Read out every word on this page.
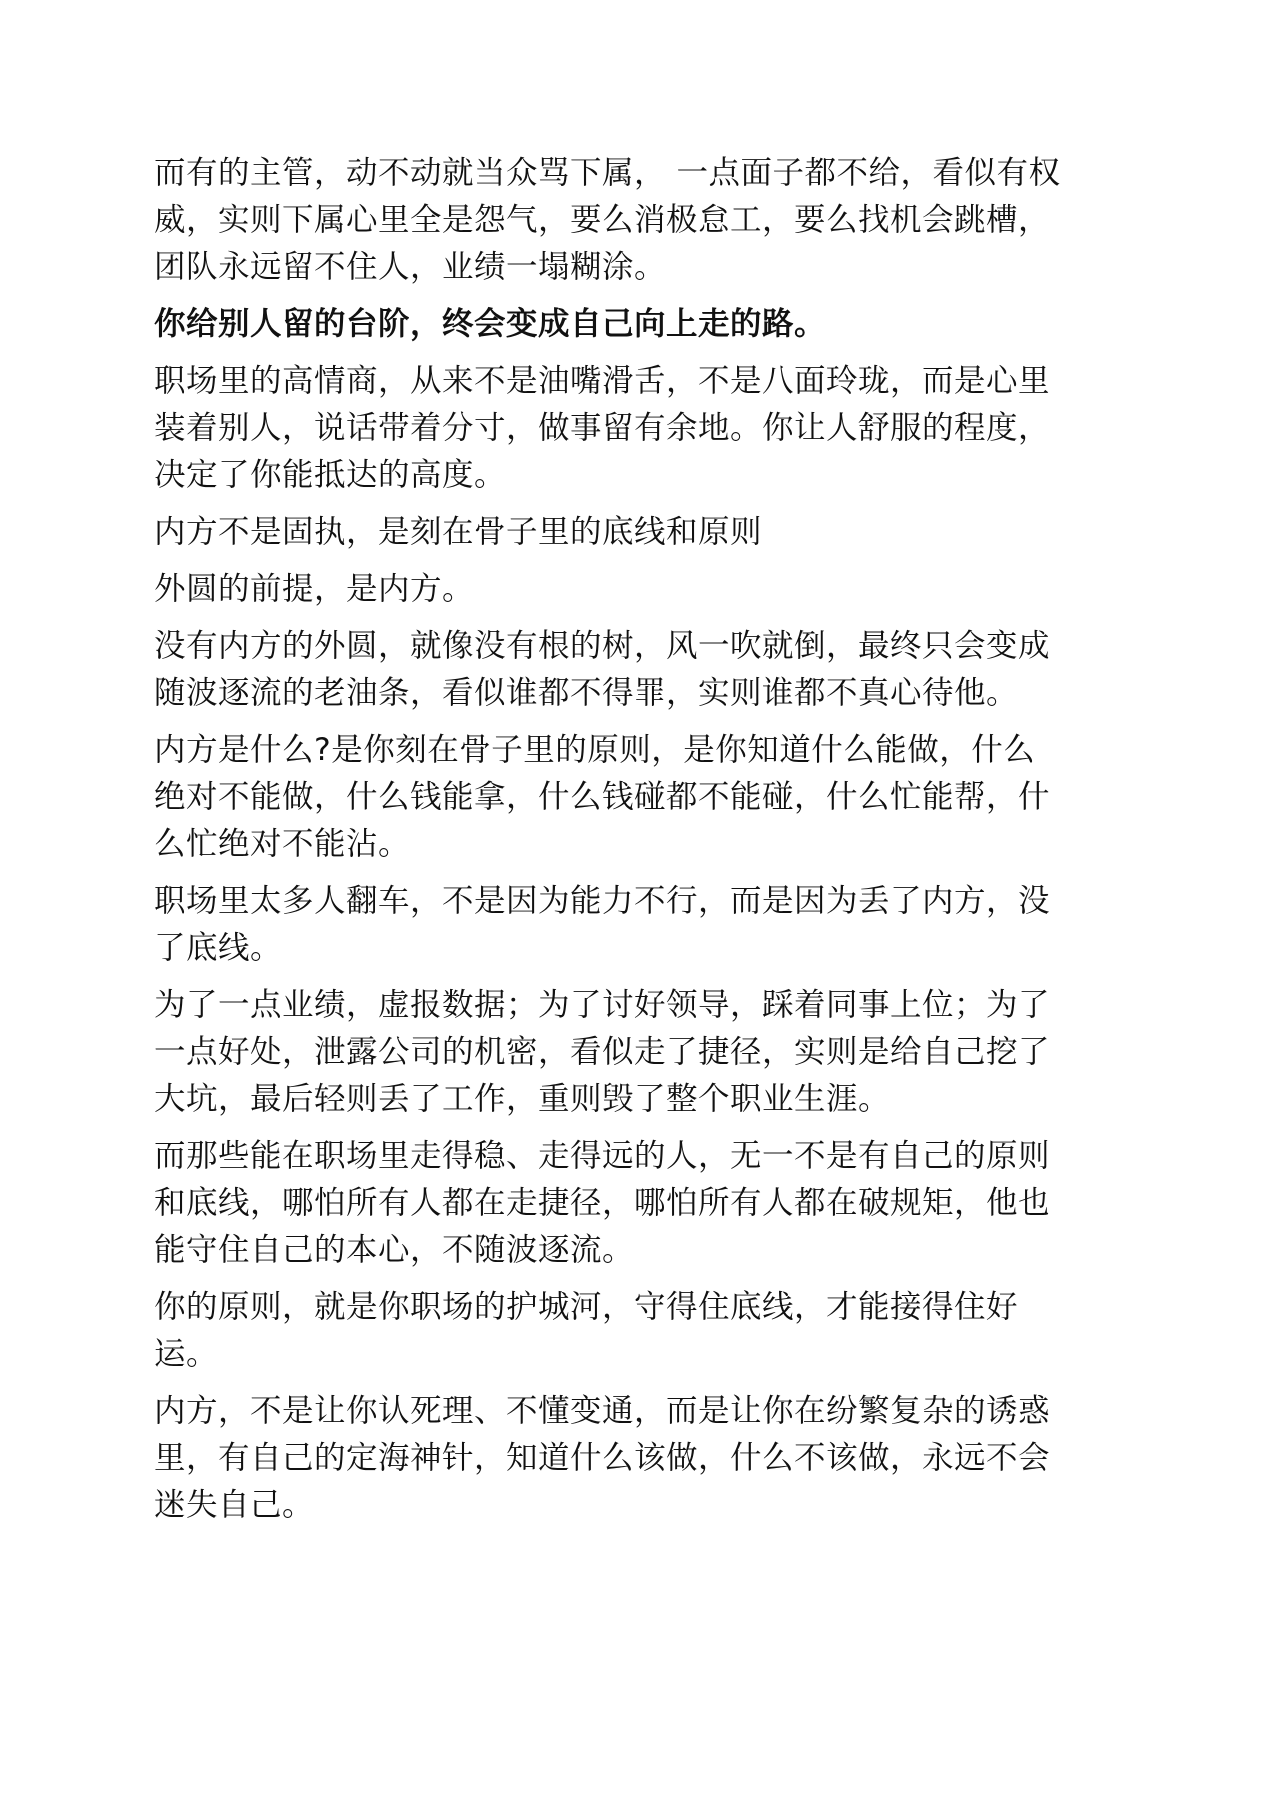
而有的主管，动不动就当众骂下属， 一点面子都不给，看似有权
威，实则下属心里全是怨气，要么消极怠工，要么找机会跳槽，
团队永远留不住人，业绩一塌糊涂。

你给别人留的台阶，终会变成自己向上走的路。

职场里的高情商，从来不是油嘴滑舌，不是八面玲珑，而是心里
装着别人，说话带着分寸，做事留有余地。你让人舒服的程度，
决定了你能抵达的高度。

内方不是固执，是刻在骨子里的底线和原则

外圆的前提，是内方。

没有内方的外圆，就像没有根的树，风一吹就倒，最终只会变成
随波逐流的老油条，看似谁都不得罪，实则谁都不真心待他。

内方是什么?是你刻在骨子里的原则，是你知道什么能做，什么
绝对不能做，什么钱能拿，什么钱碰都不能碰，什么忙能帮，什
么忙绝对不能沾。

职场里太多人翻车，不是因为能力不行，而是因为丢了内方，没
了底线。

为了一点业绩，虚报数据；为了讨好领导，踩着同事上位；为了
一点好处，泄露公司的机密，看似走了捷径，实则是给自己挖了
大坑，最后轻则丢了工作，重则毁了整个职业生涯。

而那些能在职场里走得稳、走得远的人，无一不是有自己的原则
和底线，哪怕所有人都在走捷径，哪怕所有人都在破规矩，他也
能守住自己的本心，不随波逐流。

你的原则，就是你职场的护城河，守得住底线，才能接得住好
运。

内方，不是让你认死理、不懂变通，而是让你在纷繁复杂的诱惑
里，有自己的定海神针，知道什么该做，什么不该做，永远不会
迷失自己。
